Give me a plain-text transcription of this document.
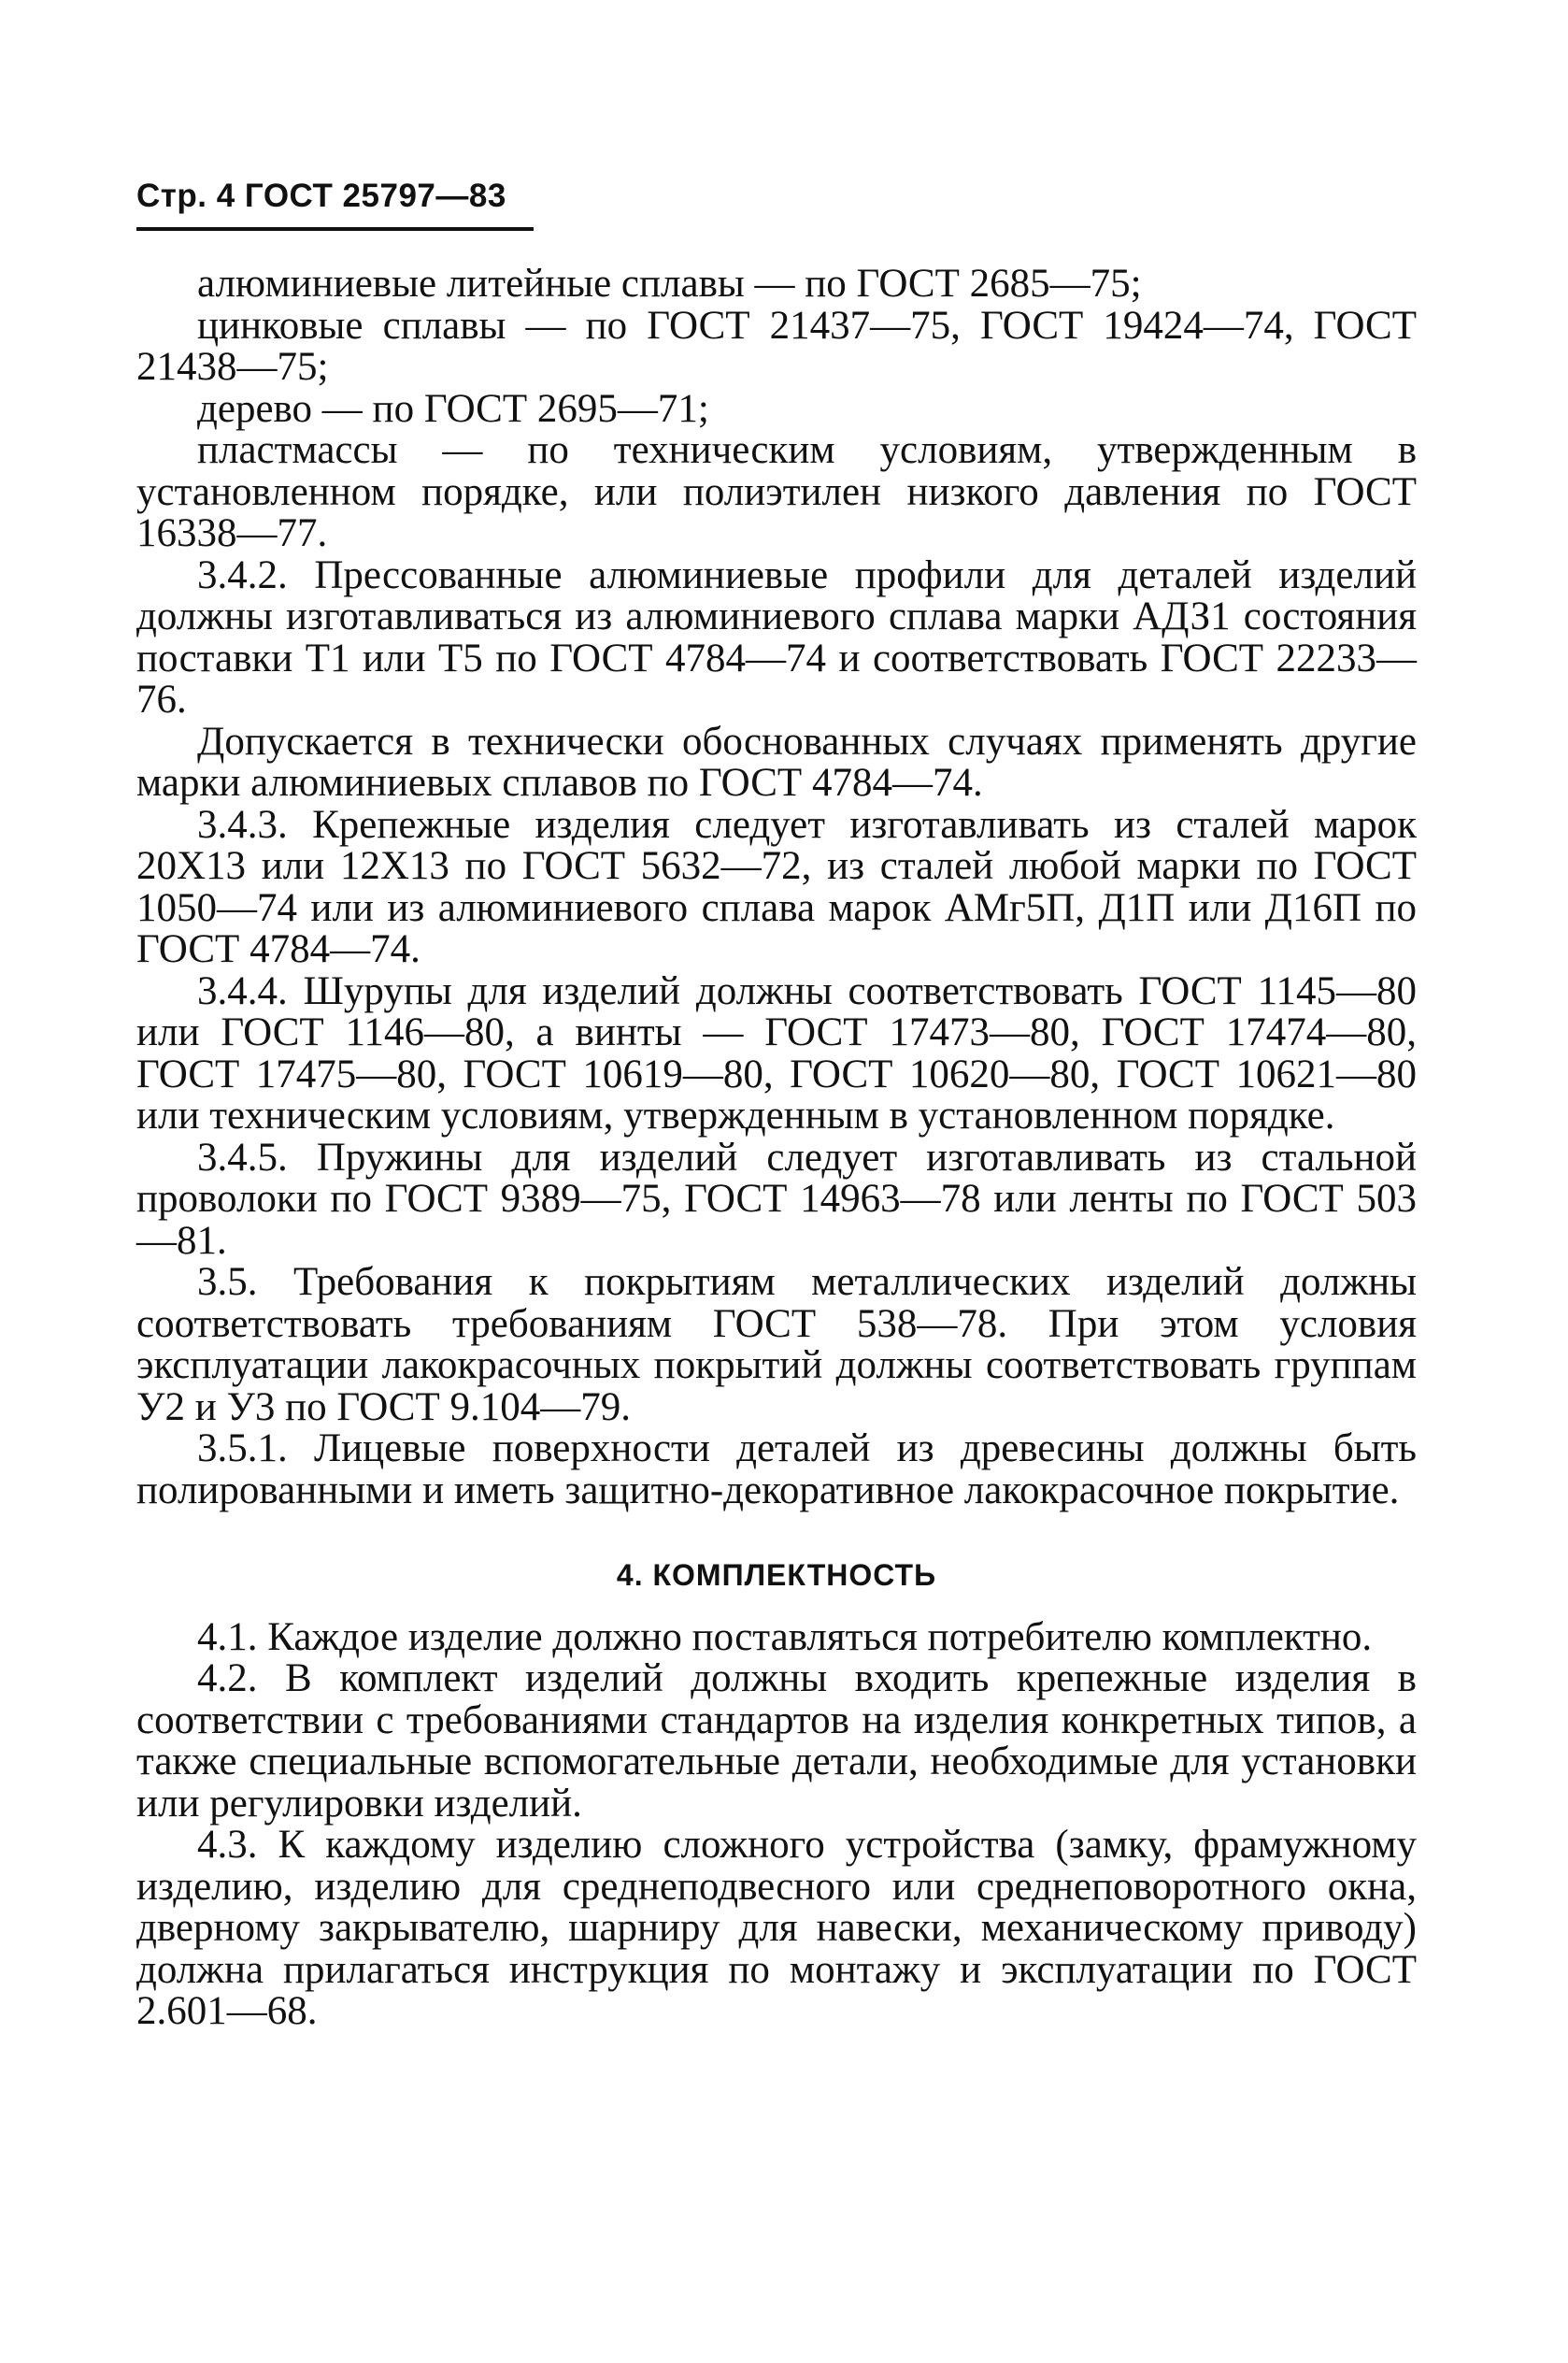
Стр. 4 ГОСТ 25797—83

алюминиевые литейные сплавы — по ГОСТ 2685—75;

цинковые сплавы — по ГОСТ 21437—75, ГОСТ 19424—74, ГОСТ 21438—75;

дерево — по ГОСТ 2695—71;

пластмассы — по техническим условиям, утвержденным в установленном порядке, или полиэтилен низкого давления по ГОСТ 16338—77.

3.4.2. Прессованные алюминиевые профили для деталей изделий должны изготавливаться из алюминиевого сплава марки АДЗ1 состояния поставки Т1 или Т5 по ГОСТ 4784—74 и соответствовать ГОСТ 22233—76.

Допускается в технически обоснованных случаях применять другие марки алюминиевых сплавов по ГОСТ 4784—74.

3.4.3. Крепежные изделия следует изготавливать из сталей марок 20Х13 или 12Х13 по ГОСТ 5632—72, из сталей любой марки по ГОСТ 1050—74 или из алюминиевого сплава марок АМг5П, Д1П или Д16П по ГОСТ 4784—74.

3.4.4. Шурупы для изделий должны соответствовать ГОСТ 1145—80 или ГОСТ 1146—80, а винты — ГОСТ 17473—80, ГОСТ 17474—80, ГОСТ 17475—80, ГОСТ 10619—80, ГОСТ 10620—80, ГОСТ 10621—80 или техническим условиям, утвержденным в установленном порядке.

3.4.5. Пружины для изделий следует изготавливать из стальной проволоки по ГОСТ 9389—75, ГОСТ 14963—78 или ленты по ГОСТ 503—81.

3.5. Требования к покрытиям металлических изделий должны соответствовать требованиям ГОСТ 538—78. При этом условия эксплуатации лакокрасочных покрытий должны соответствовать группам У2 и У3 по ГОСТ 9.104—79.

3.5.1. Лицевые поверхности деталей из древесины должны быть полированными и иметь защитно-декоративное лакокрасочное покрытие.

4. КОМПЛЕКТНОСТЬ

4.1. Каждое изделие должно поставляться потребителю комплектно.

4.2. В комплект изделий должны входить крепежные изделия в соответствии с требованиями стандартов на изделия конкретных типов, а также специальные вспомогательные детали, необходимые для установки или регулировки изделий.

4.3. К каждому изделию сложного устройства (замку, фрамужному изделию, изделию для среднеподвесного или среднеповоротного окна, дверному закрывателю, шарниру для навески, механическому приводу) должна прилагаться инструкция по монтажу и эксплуатации по ГОСТ 2.601—68.
